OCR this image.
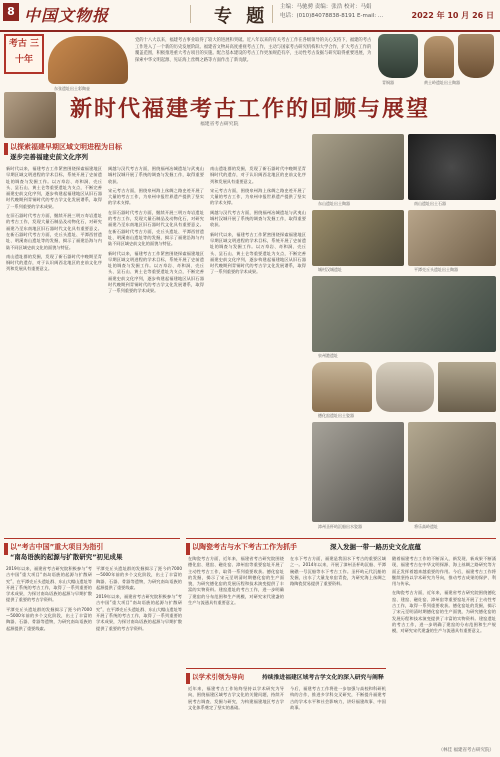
8 中国文物报	专 题 主编：马驰骋 责编：张浩 校对：马娟
电话：(010)84078838-8191 E-mail: ...	2022 年 10 月 26 日
考古 三十年
东张遗址出土彩陶壶
党的十八大以来，福建考古事业取得了较大的进展和突破。近八年以来的有关考古工作在各级领导的关心支持下，福建的考古工作进入了一个新的历史发展阶段。福建省文物局高度重视考古工作，主动与国家考古研究机构和大学合作，扩大考古工作的覆盖范围，积极推进重大考古项目的实施。配合基本建设的考古工作更加规范有序，主动性考古发掘与研究取得重要进展，为探索中华文明起源、见证海上丝绸之路等方面作出了新贡献。
青铜器	黄土岭遗址出土陶器
新时代福建考古工作的回顾与展望
福建省考古研究院
以探索福建早期区域文明进程为目标
逐步完善福建史前文化序列
新时代以来，福建考古工作紧密围绕探索福建地区早期区域文明进程的学术目标，系统开展了史前遗址的调查与发掘工作。以万寿岩、奇和洞、壳丘头、昙石山、黄土仑等重要遗址为支点，不断完善福建史前文化序列，逐步构建起福建地区从旧石器时代晚期到青铜时代的考古学文化发展谱系，取得了一系列重要的学术成果。
在旧石器时代考古方面，继续开展三明万寿岩遗址的考古工作，发现大量石制品及动物化石，对研究福建乃至东南地区旧石器时代文化具有重要意义。在新石器时代考古方面，壳丘头遗址、平潭西营遗址、明溪南山遗址等的发掘，揭示了福建沿海与内陆不同区域史前文化的面貌与特征。
南山遗址群的发掘，发现了新石器时代中晚期至青铜时代的遗存，对于认识闽西北地区的史前文化序列和发展具有重要意义。
闽越与汉代考古方面，围绕福州冶城遗址与武夷山城村汉城开展了系统的调查与发掘工作，取得重要收获。
宋元考古方面，围绕泉州海上丝绸之路史迹开展了大量的考古工作，为泉州申报世界遗产提供了坚实的学术支撑。
在旧石器时代考古方面，继续开展三明万寿岩遗址的考古工作，发现大量石制品及动物化石，对研究福建乃至东南地区旧石器时代文化具有重要意义。在新石器时代考古方面，壳丘头遗址、平潭西营遗址、明溪南山遗址等的发掘，揭示了福建沿海与内陆不同区域史前文化的面貌与特征。
新时代以来，福建考古工作紧密围绕探索福建地区早期区域文明进程的学术目标，系统开展了史前遗址的调查与发掘工作。以万寿岩、奇和洞、壳丘头、昙石山、黄土仑等重要遗址为支点，不断完善福建史前文化序列，逐步构建起福建地区从旧石器时代晚期到青铜时代的考古学文化发展谱系，取得了一系列重要的学术成果。
南山遗址群的发掘，发现了新石器时代中晚期至青铜时代的遗存，对于认识闽西北地区的史前文化序列和发展具有重要意义。
宋元考古方面，围绕泉州海上丝绸之路史迹开展了大量的考古工作，为泉州申报世界遗产提供了坚实的学术支撑。
闽越与汉代考古方面，围绕福州冶城遗址与武夷山城村汉城开展了系统的调查与发掘工作，取得重要收获。
新时代以来，福建考古工作紧密围绕探索福建地区早期区域文明进程的学术目标，系统开展了史前遗址的调查与发掘工作。以万寿岩、奇和洞、壳丘头、昙石山、黄土仑等重要遗址为支点，不断完善福建史前文化序列，逐步构建起福建地区从旧石器时代晚期到青铜时代的考古学文化发展谱系，取得了一系列重要的学术成果。
东山遗址出土陶器	南山遗址出土石器
城村汉城遗址	平潭壳丘头遗址出土陶器
泉州港遗址
德化窑遗址出土瓷器
漳州圣杯屿沉船出水瓷器	将乐高岭遗址
以“考古中国”重大项目为指引
“南岛语族的起源与扩散研究”初见成果
2019年以来，福建省考古研究院积极参与“考古中国”重大项目“南岛语族的起源与扩散研究”，在平潭壳丘头遗址群、东山大帽山遗址等开展了系统的考古工作，取得了一系列重要的学术成果，为探讨南岛语族的起源与早期扩散提供了重要的考古学资料。
平潭壳丘头遗址群的发掘揭示了距今约7000—5000年前的多个文化阶段，出土了丰富的陶器、石器、骨器等遗物，为研究南岛语族的起源提供了重要线索。
平潭壳丘头遗址群的发掘揭示了距今约7000—5000年前的多个文化阶段，出土了丰富的陶器、石器、骨器等遗物，为研究南岛语族的起源提供了重要线索。
2019年以来，福建省考古研究院积极参与“考古中国”重大项目“南岛语族的起源与扩散研究”，在平潭壳丘头遗址群、东山大帽山遗址等开展了系统的考古工作，取得了一系列重要的学术成果，为探讨南岛语族的起源与早期扩散提供了重要的考古学资料。
以陶瓷考古与水下考古工作为抓手	深入发掘一带一路历史文化底蕴
在陶瓷考古方面，近年来，福建省考古研究院围绕德化窑、建窑、磁灶窑、漳州窑等重要窑址开展了主动性考古工作，取得一系列重要收获。德化窑址的发掘，揭示了宋元至明清时期德化窑的生产面貌，为研究德化窑的发展历程和技术演变提供了丰富的实物资料。建窑遗址的考古工作，进一步明确了建窑的分布范围和生产规模，对研究宋代建盏的生产与流通具有重要意义。
在水下考古方面，福建是我国水下考古的重要区域之一。2014年以来，开展了漳州圣杯屿沉船、平潭碗礁一号沉船等水下考古工作。圣杯屿元代沉船的发掘，出水了大量龙泉窑青瓷，为研究海上丝绸之路陶瓷贸易提供了重要资料。
随着福建考古工作的不断深入，新发现、新成果不断涌现，福建考古在中华文明探源、海上丝绸之路研究等方面正发挥着越来越重要的作用。今后，福建考古工作将继续坚持以学术研究为导向，推动考古成果的保护、利用与传承。
在陶瓷考古方面，近年来，福建省考古研究院围绕德化窑、建窑、磁灶窑、漳州窑等重要窑址开展了主动性考古工作，取得一系列重要收获。德化窑址的发掘，揭示了宋元至明清时期德化窑的生产面貌，为研究德化窑的发展历程和技术演变提供了丰富的实物资料。建窑遗址的考古工作，进一步明确了建窑的分布范围和生产规模，对研究宋代建盏的生产与流通具有重要意义。
以学术引领为导向	持续推进福建区域考古学文化的深入研究与阐释
近年来，福建考古工作始终坚持以学术研究为导向，围绕福建区域考古学文化的关键问题，持续开展考古调查、发掘与研究，为构建福建地区考古学文化体系奠定了坚实的基础。
今后，福建考古工作将进一步加强与高校和科研机构的合作，推进多学科交叉研究，不断提升福建考古的学术水平和社会影响力，讲好福建故事、中国故事。
（林佳 福建省考古研究院）
